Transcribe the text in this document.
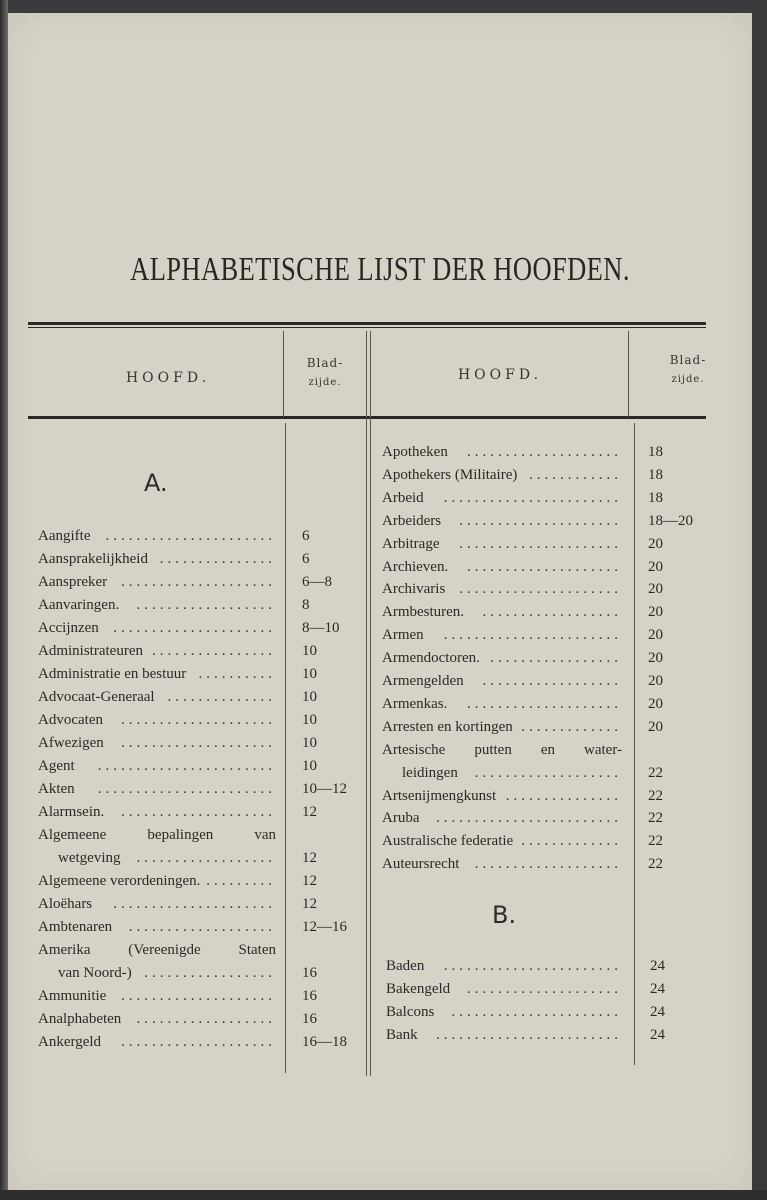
ALPHABETISCHE LIJST DER HOOFDEN.
HOOFD.
Blad-
zijde.	HOOFD.
Blad-
zijde.
A.
B.
Aangifte	...................... 6
Aansprakelijkheid ............... 6
Aanspreker .................... 6—8
Aanvaringen.	.................. 8
Accijnzen ..................... 8—10
Administrateuren ................ 10
Administratie en bestuur .......... 10
Advocaat-Generaal .............. 10
Advocaten	.................... 10
Afwezigen	.................... 10
Agent	....................... 10
Akten	....................... 10—12
Alarmsein.	.................... 12
Algemeene bepalingen van
wetgeving	.................. 12
Algemeene verordeningen. ......... 12
Aloëhars	..................... 12
Ambtenaren	................... 12—16
Amerika (Vereenigde Staten
van Noord-) ................. 16
Ammunitie .................... 16
Analphabeten	.................. 16
Ankergeld	.................... 16—18
Apotheken	.................... 18
Apothekers (Militaire) ............ 18
Arbeid	....................... 18
Arbeiders	..................... 18—20
Arbitrage	..................... 20
Archieven.	.................... 20
Archivaris ..................... 20
Armbesturen.	.................. 20
Armen	....................... 20
Armendoctoren. ................. 20
Armengelden	.................. 20
Armenkas.	.................... 20
Arresten en kortingen ............. 20
Artesische putten en water-
leidingen	................... 22
Artsenijmengkunst ............... 22
Aruba	........................ 22
Australische federatie ............. 22
Auteursrecht	................... 22
Baden	....................... 24
Bakengeld	.................... 24
Balcons	...................... 24
Bank	........................ 24
